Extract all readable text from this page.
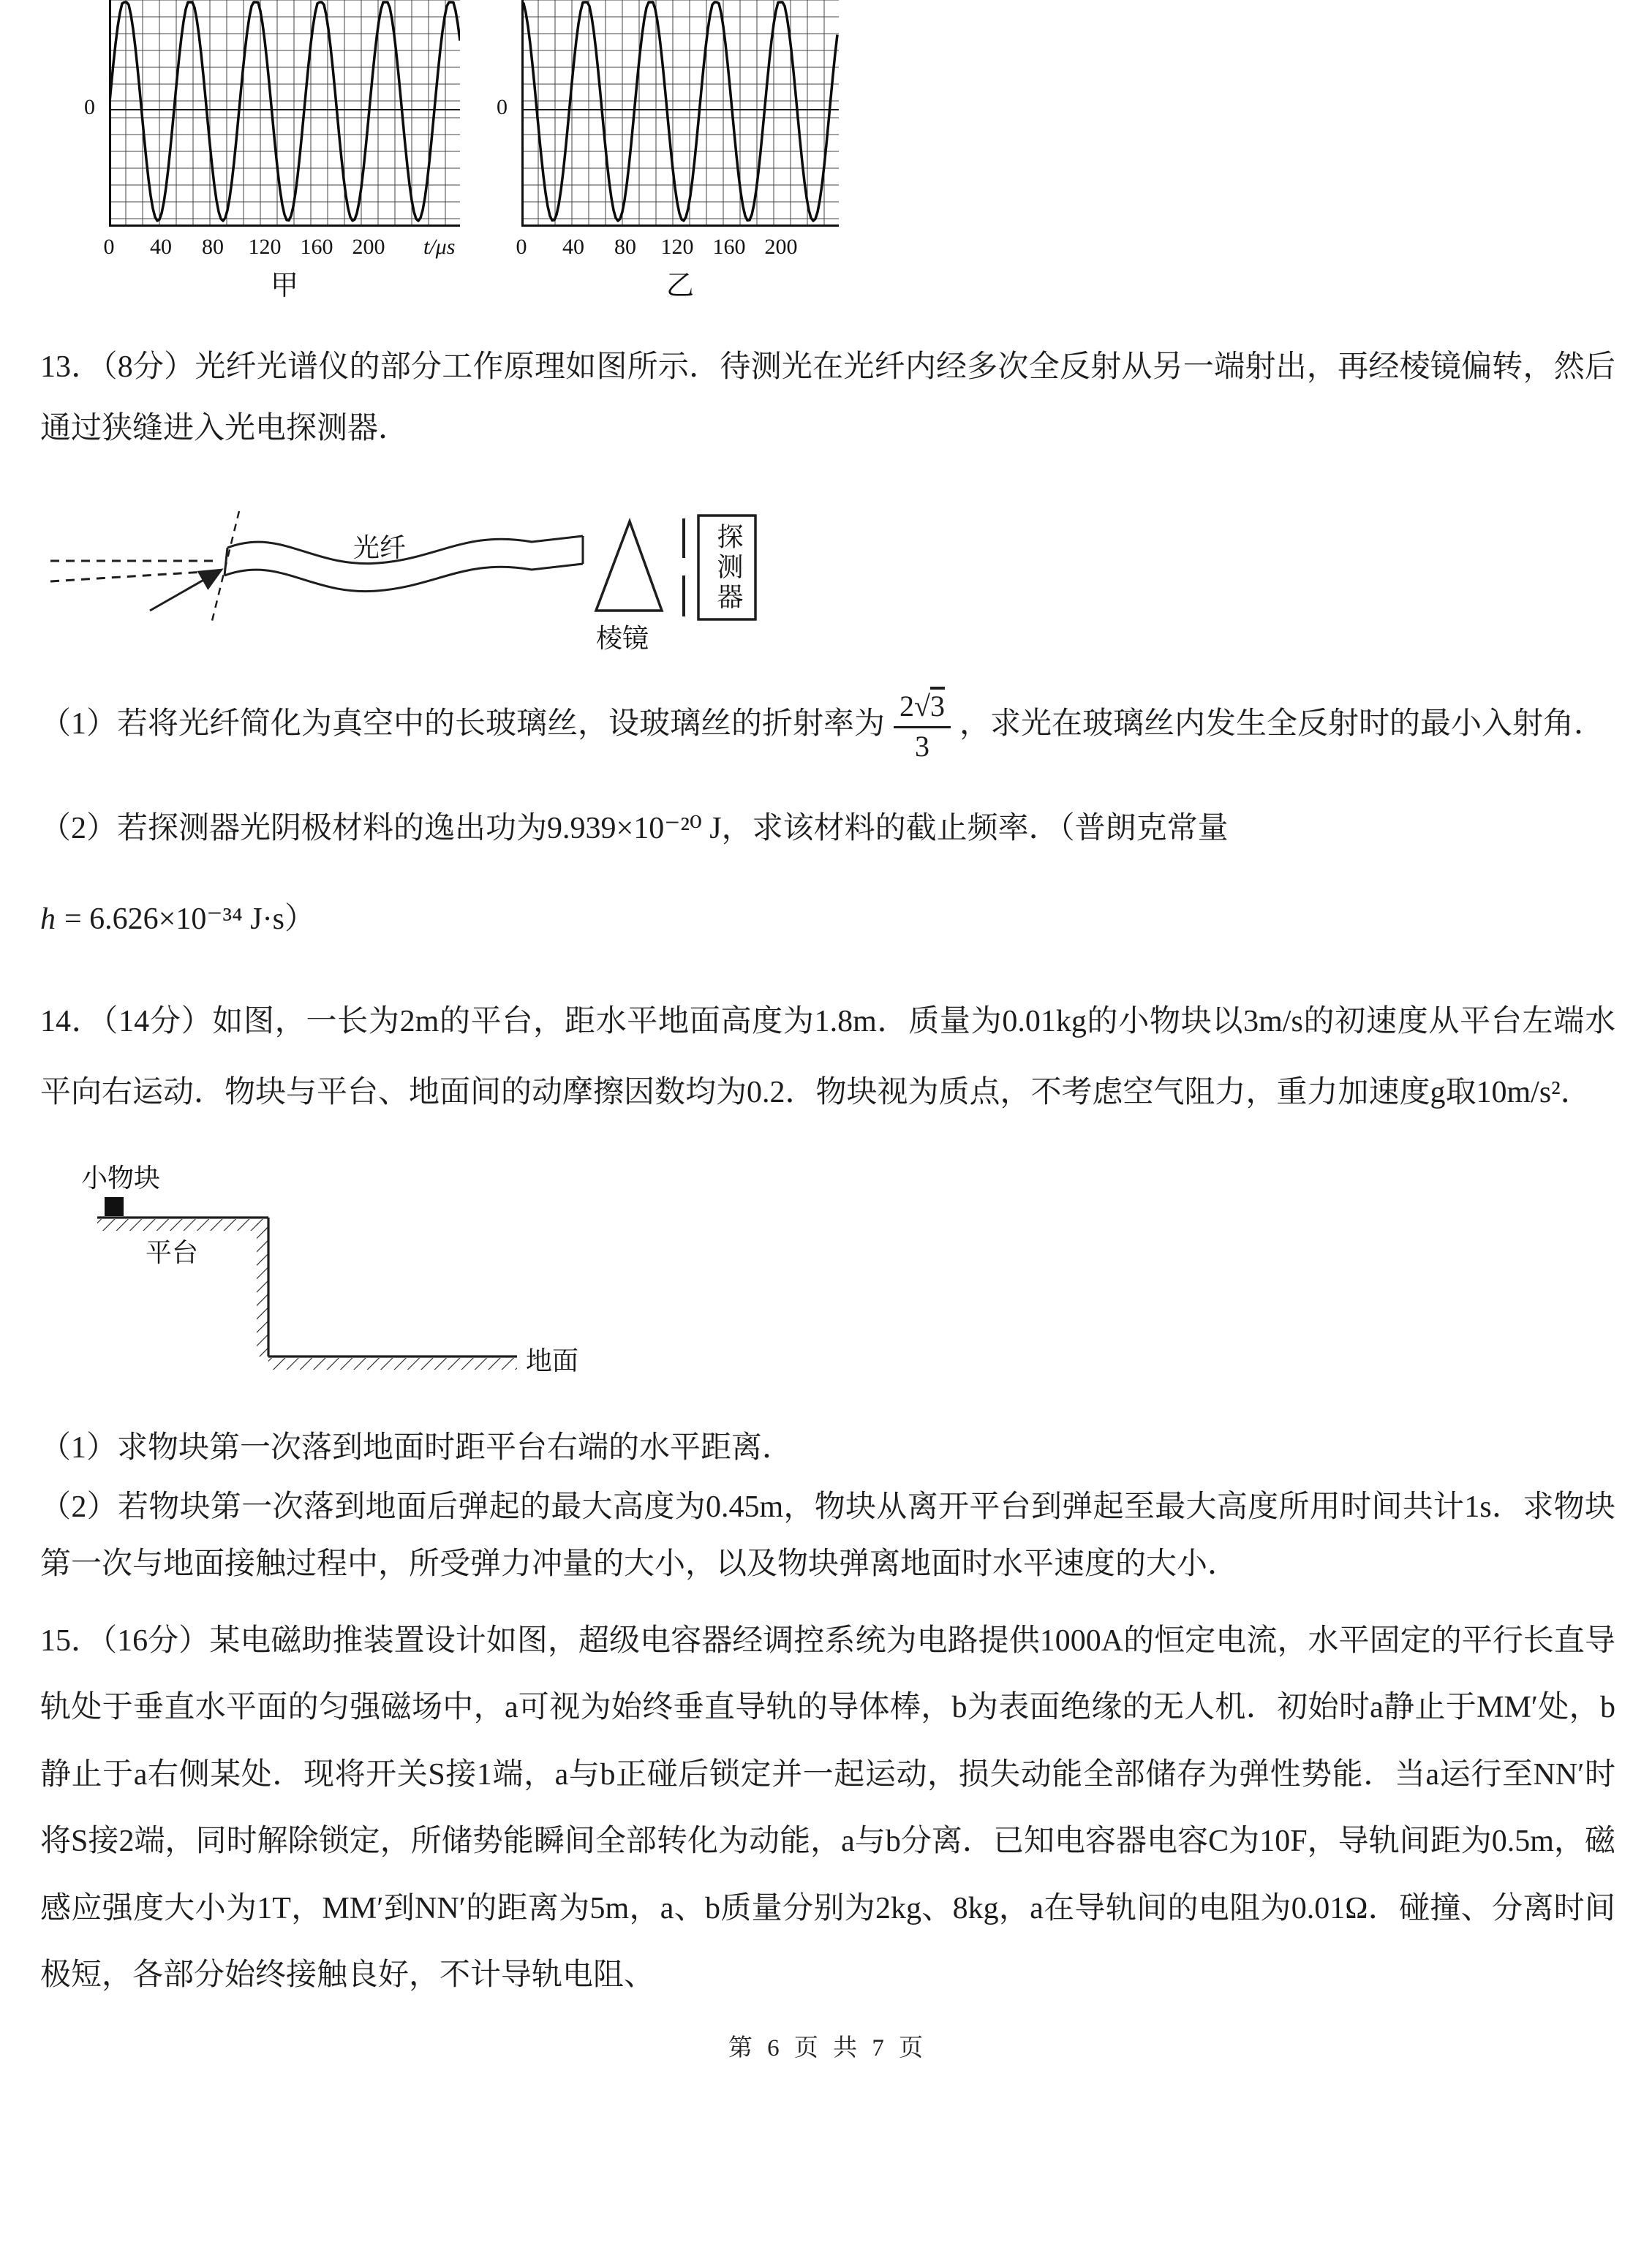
0
0 40 80 120 160 200 t/μs
甲
0
0 40 80 120 160 200
乙

13．（8分）光纤光谱仪的部分工作原理如图所示．待测光在光纤内经多次全反射从另一端射出，再经棱镜偏转，然后通过狭缝进入光电探测器．

光纤
棱镜
探测器

（1）若将光纤简化为真空中的长玻璃丝，设玻璃丝的折射率为 $\frac{2√3}{3}$ ，求光在玻璃丝内发生全反射时的最小入射角．

（2）若探测器光阴极材料的逸出功为9.939×10⁻²⁰ J，求该材料的截止频率．（普朗克常量

h = 6.626×10⁻³⁴ J·s）

14．（14分）如图，一长为2m的平台，距水平地面高度为1.8m．质量为0.01kg的小物块以3m/s的初速度从平台左端水平向右运动．物块与平台、地面间的动摩擦因数均为0.2．物块视为质点，不考虑空气阻力，重力加速度g取10m/s²．

小物块
平台
地面

（1）求物块第一次落到地面时距平台右端的水平距离．

（2）若物块第一次落到地面后弹起的最大高度为0.45m，物块从离开平台到弹起至最大高度所用时间共计1s．求物块第一次与地面接触过程中，所受弹力冲量的大小，以及物块弹离地面时水平速度的大小．

15．（16分）某电磁助推装置设计如图，超级电容器经调控系统为电路提供1000A的恒定电流，水平固定的平行长直导轨处于垂直水平面的匀强磁场中，a可视为始终垂直导轨的导体棒，b为表面绝缘的无人机．初始时a静止于MM′处，b静止于a右侧某处．现将开关S接1端，a与b正碰后锁定并一起运动，损失动能全部储存为弹性势能．当a运行至NN′时将S接2端，同时解除锁定，所储势能瞬间全部转化为动能，a与b分离．已知电容器电容C为10F，导轨间距为0.5m，磁感应强度大小为1T，MM′到NN′的距离为5m，a、b质量分别为2kg、8kg，a在导轨间的电阻为0.01Ω．碰撞、分离时间极短，各部分始终接触良好，不计导轨电阻、

第 6 页 共 7 页
